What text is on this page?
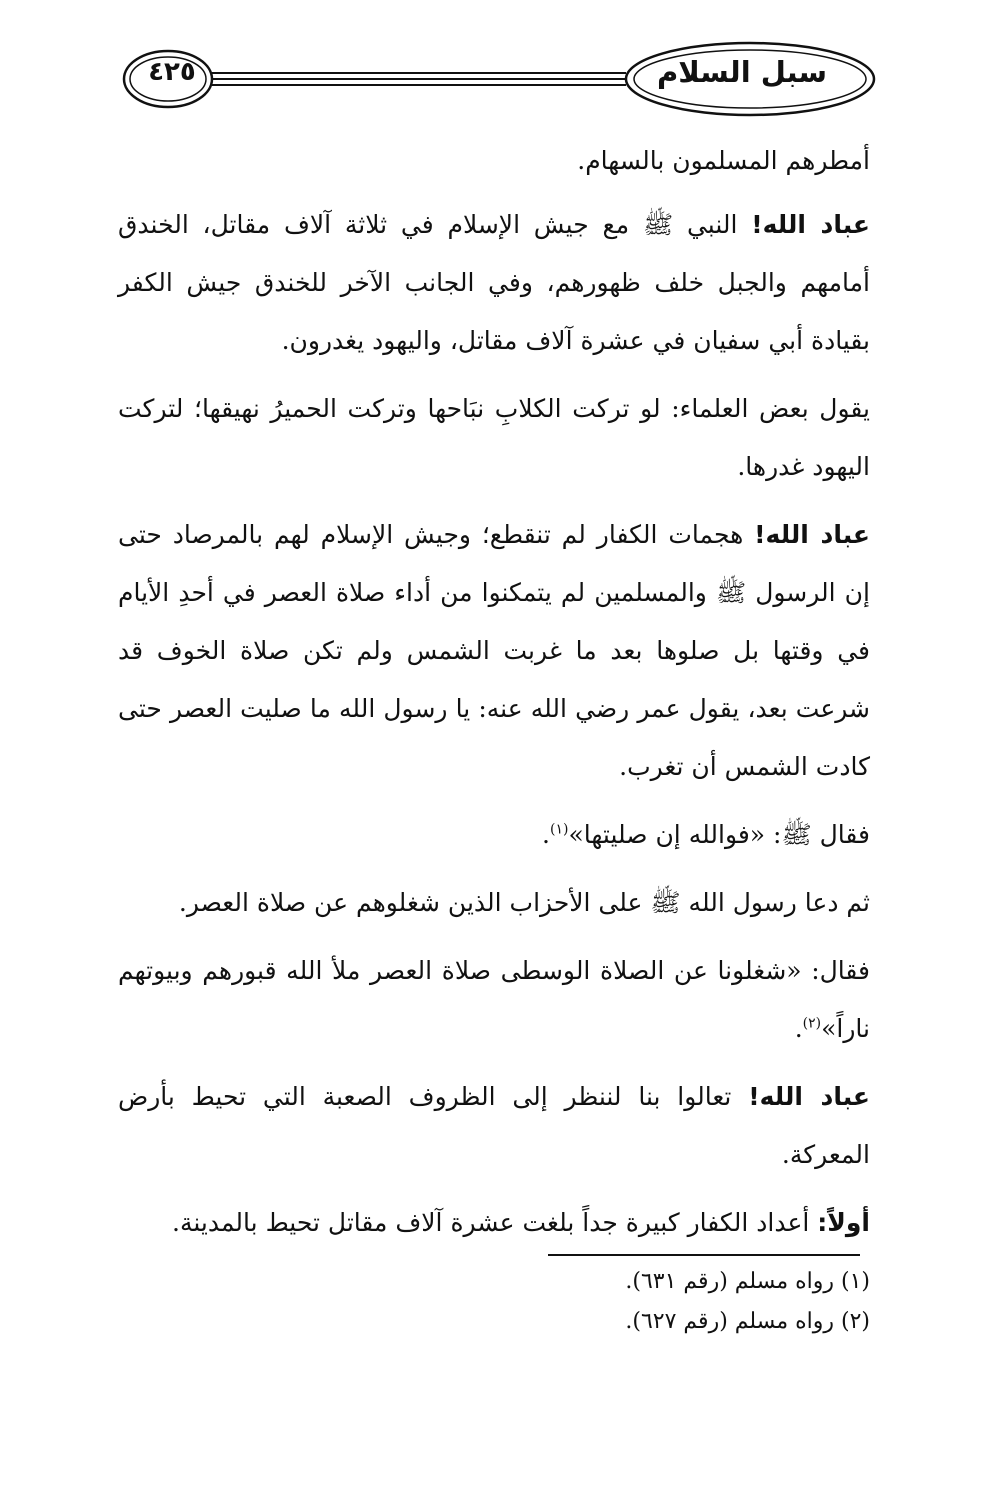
سبل السلام
٤٢٥

أمطرهم المسلمون بالسهام.

عباد الله! النبي ﷺ مع جيش الإسلام في ثلاثة آلاف مقاتل، الخندق أمامهم والجبل خلف ظهورهم، وفي الجانب الآخر للخندق جيش الكفر بقيادة أبي سفيان في عشرة آلاف مقاتل، واليهود يغدرون.

يقول بعض العلماء: لو تركت الكلابِ نبَاحها وتركت الحميرُ نهيقها؛ لتركت اليهود غدرها.

عباد الله! هجمات الكفار لم تنقطع؛ وجيش الإسلام لهم بالمرصاد حتى إن الرسول ﷺ والمسلمين لم يتمكنوا من أداء صلاة العصر في أحدِ الأيام في وقتها بل صلوها بعد ما غربت الشمس ولم تكن صلاة الخوف قد شرعت بعد، يقول عمر رضي الله عنه: يا رسول الله ما صليت العصر حتى كادت الشمس أن تغرب.

فقال ﷺ: «فوالله إن صليتها»$^{(١)}$.

ثم دعا رسول الله ﷺ على الأحزاب الذين شغلوهم عن صلاة العصر.

فقال: «شغلونا عن الصلاة الوسطى صلاة العصر ملأ الله قبورهم وبيوتهم ناراً»$^{(٢)}$.

عباد الله! تعالوا بنا لننظر إلى الظروف الصعبة التي تحيط بأرض المعركة.

أولاً: أعداد الكفار كبيرة جداً بلغت عشرة آلاف مقاتل تحيط بالمدينة.

(١) رواه مسلم (رقم ٦٣١).
(٢) رواه مسلم (رقم ٦٢٧).
